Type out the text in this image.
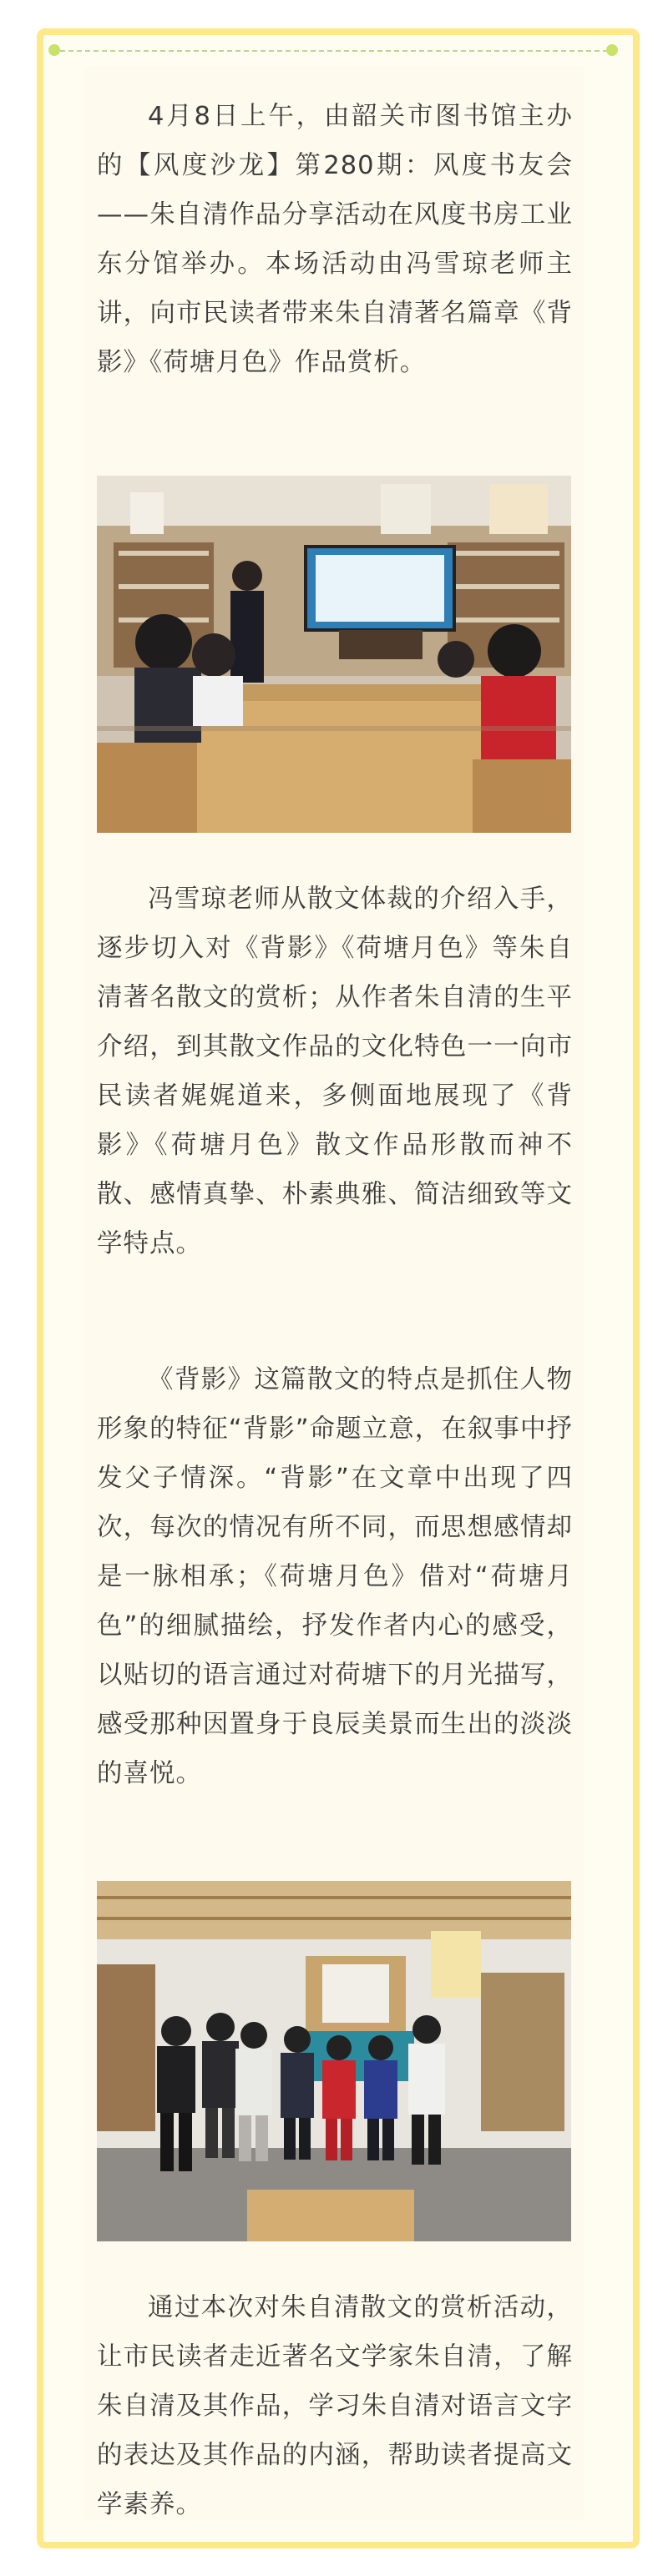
4月8日上午，由韶关市图书馆主办的【风度沙龙】第280期：风度书友会——朱自清作品分享活动在风度书房工业东分馆举办。本场活动由冯雪琼老师主讲，向市民读者带来朱自清著名篇章《背影》《荷塘月色》作品赏析。

冯雪琼老师从散文体裁的介绍入手，逐步切入对《背影》《荷塘月色》等朱自清著名散文的赏析；从作者朱自清的生平介绍，到其散文作品的文化特色一一向市民读者娓娓道来，多侧面地展现了《背影》《荷塘月色》散文作品形散而神不散、感情真挚、朴素典雅、简洁细致等文学特点。

《背影》这篇散文的特点是抓住人物形象的特征“背影”命题立意，在叙事中抒发父子情深。“背影”在文章中出现了四次，每次的情况有所不同，而思想感情却是一脉相承；《荷塘月色》借对“荷塘月色”的细腻描绘，抒发作者内心的感受，以贴切的语言通过对荷塘下的月光描写，感受那种因置身于良辰美景而生出的淡淡的喜悦。

通过本次对朱自清散文的赏析活动，让市民读者走近著名文学家朱自清，了解朱自清及其作品，学习朱自清对语言文字的表达及其作品的内涵，帮助读者提高文学素养。
